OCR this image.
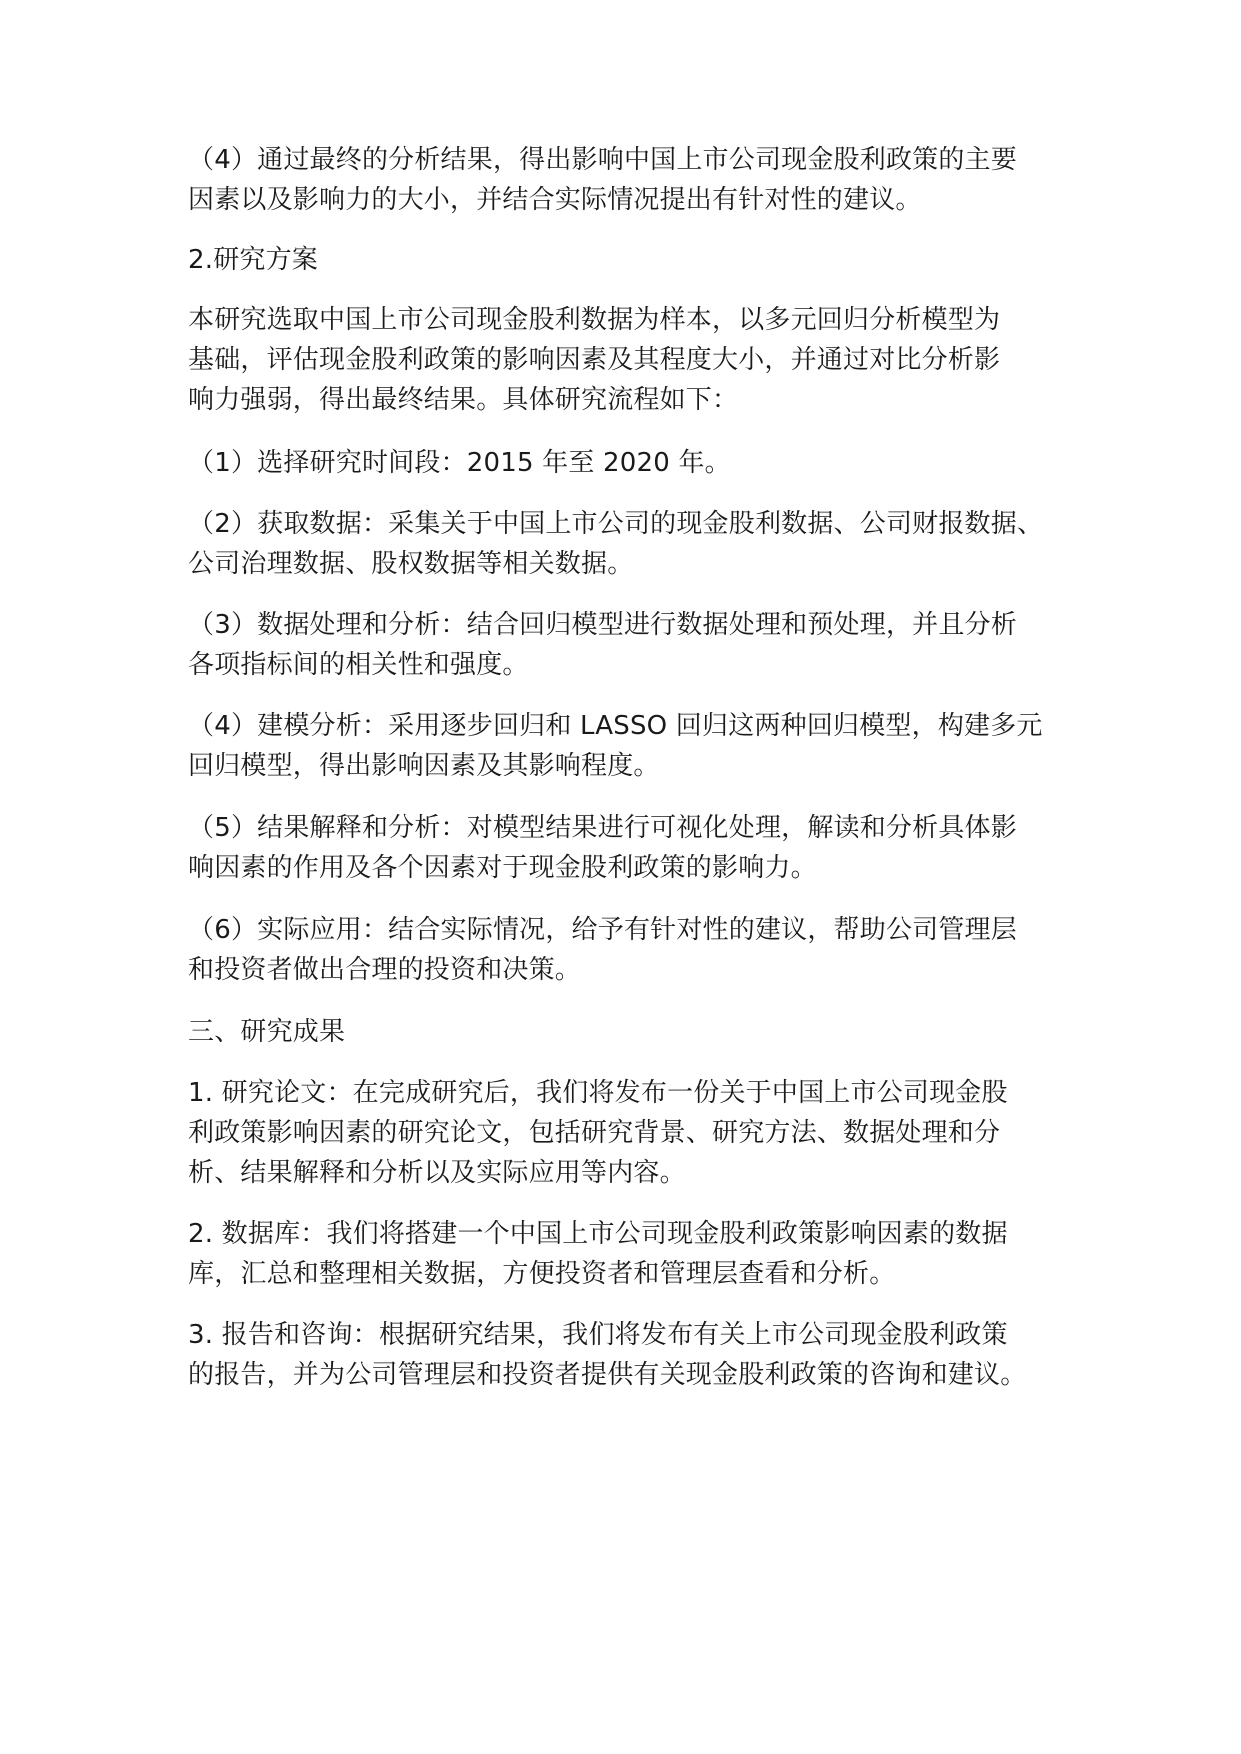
（4）通过最终的分析结果，得出影响中国上市公司现金股利政策的主要
因素以及影响力的大小，并结合实际情况提出有针对性的建议。
2.研究方案
本研究选取中国上市公司现金股利数据为样本，以多元回归分析模型为
基础，评估现金股利政策的影响因素及其程度大小，并通过对比分析影
响力强弱，得出最终结果。具体研究流程如下：
（1）选择研究时间段：2015 年至 2020 年。
（2）获取数据：采集关于中国上市公司的现金股利数据、公司财报数据、
公司治理数据、股权数据等相关数据。
（3）数据处理和分析：结合回归模型进行数据处理和预处理，并且分析
各项指标间的相关性和强度。
（4）建模分析：采用逐步回归和 LASSO 回归这两种回归模型，构建多元
回归模型，得出影响因素及其影响程度。
（5）结果解释和分析：对模型结果进行可视化处理，解读和分析具体影
响因素的作用及各个因素对于现金股利政策的影响力。
（6）实际应用：结合实际情况，给予有针对性的建议，帮助公司管理层
和投资者做出合理的投资和决策。
三、研究成果
1. 研究论文：在完成研究后，我们将发布一份关于中国上市公司现金股
利政策影响因素的研究论文，包括研究背景、研究方法、数据处理和分
析、结果解释和分析以及实际应用等内容。
2. 数据库：我们将搭建一个中国上市公司现金股利政策影响因素的数据
库，汇总和整理相关数据，方便投资者和管理层查看和分析。
3. 报告和咨询：根据研究结果，我们将发布有关上市公司现金股利政策
的报告，并为公司管理层和投资者提供有关现金股利政策的咨询和建议。
